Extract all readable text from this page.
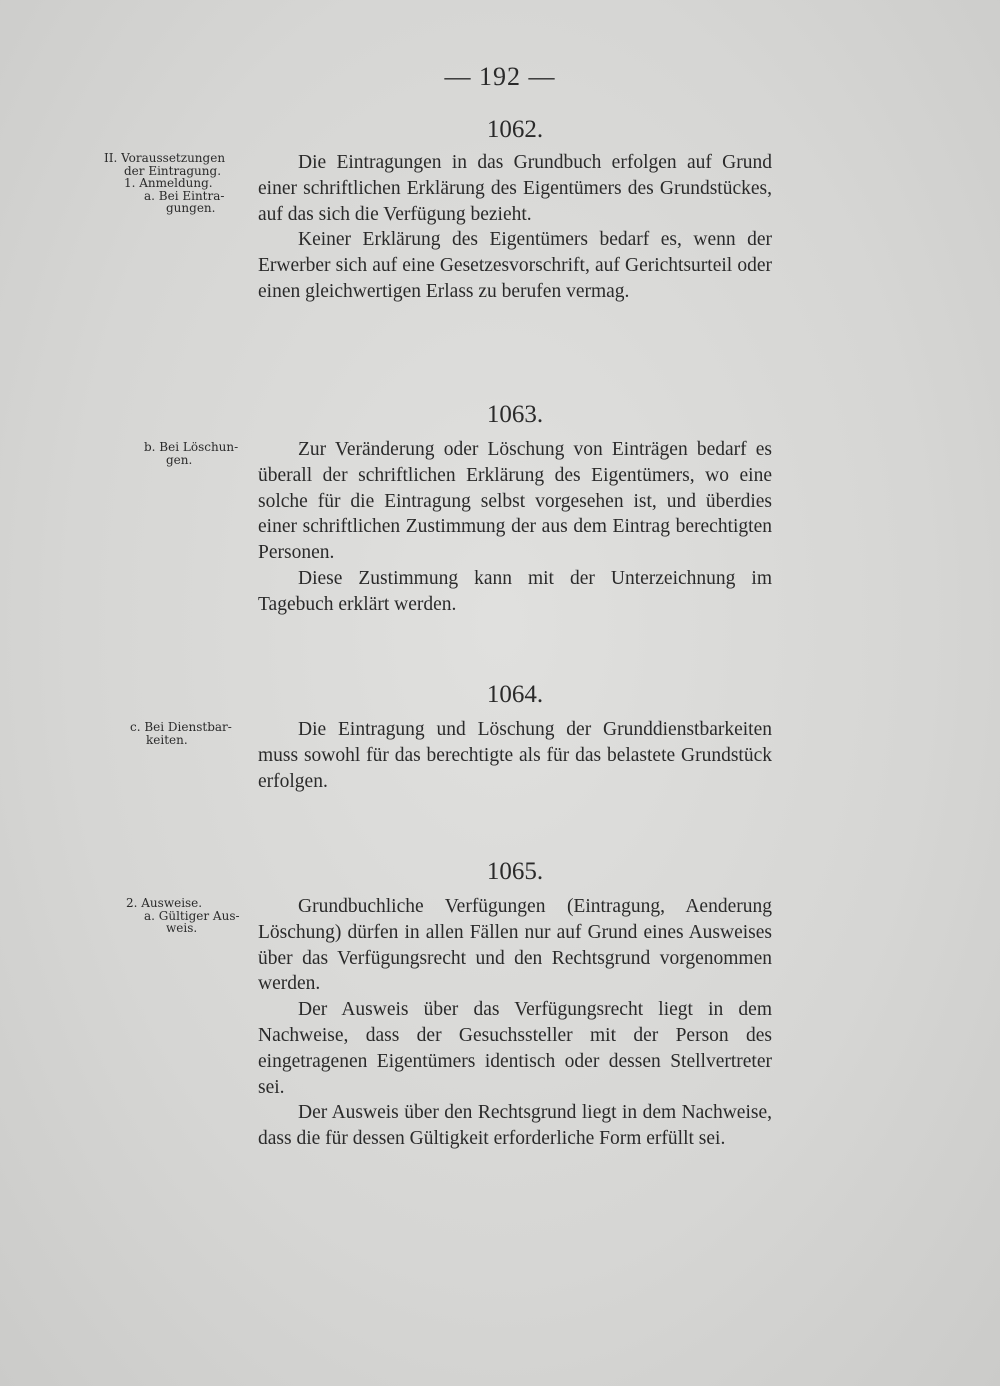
— 192 —
1062.
II. Voraussetzungen
der Eintragung.
1. Anmeldung.
a. Bei Eintra-
gungen.

Die Eintragungen in das Grundbuch erfolgen auf Grund einer schriftlichen Erklärung des Eigentümers des Grundstückes, auf das sich die Verfügung bezieht.

Keiner Erklärung des Eigentümers bedarf es, wenn der Erwerber sich auf eine Gesetzesvorschrift, auf Gerichtsurteil oder einen gleichwertigen Erlass zu berufen vermag.

1063.
b. Bei Löschun-
gen.	Zur Veränderung oder Löschung von Einträgen bedarf es überall der schriftlichen Erklärung des Eigentümers, wo eine solche für die Eintragung selbst vorgesehen ist, und überdies einer schriftlichen Zustimmung der aus dem Eintrag berechtigten Personen.

Diese Zustimmung kann mit der Unterzeichnung im Tagebuch erklärt werden.

1064.
c. Bei Dienstbar-
keiten.	Die Eintragung und Löschung der Grunddienstbarkeiten muss sowohl für das berechtigte als für das belastete Grundstück erfolgen.

1065.
2. Ausweise.
a. Gültiger Aus-
weis.

Grundbuchliche Verfügungen (Eintragung, Aenderung Löschung) dürfen in allen Fällen nur auf Grund eines Ausweises über das Verfügungsrecht und den Rechtsgrund vorgenommen werden.

Der Ausweis über das Verfügungsrecht liegt in dem Nachweise, dass der Gesuchssteller mit der Person des eingetragenen Eigentümers identisch oder dessen Stellvertreter sei.

Der Ausweis über den Rechtsgrund liegt in dem Nachweise, dass die für dessen Gültigkeit erforderliche Form erfüllt sei.
